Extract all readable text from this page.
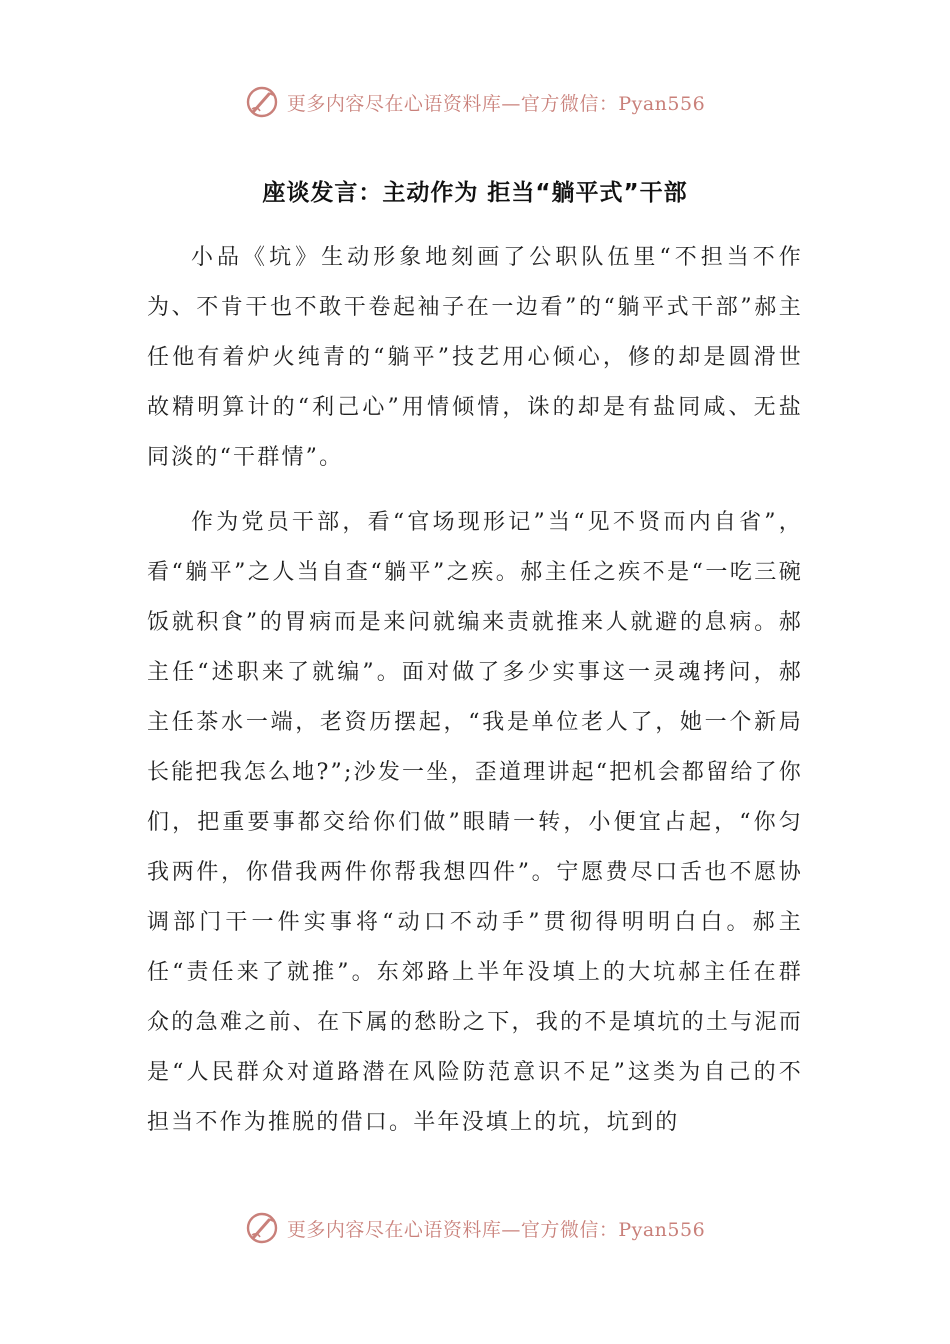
更多内容尽在心语资料库—官方微信：Pyan556
座谈发言：主动作为 拒当“躺平式”干部

小品《坑》生动形象地刻画了公职队伍里“不担当不作为、不肯干也不敢干卷起袖子在一边看”的“躺平式干部”郝主任他有着炉火纯青的“躺平”技艺用心倾心，修的却是圆滑世故精明算计的“利己心”用情倾情，诛的却是有盐同咸、无盐同淡的“干群情”。

作为党员干部，看“官场现形记”当“见不贤而内自省”，看“躺平”之人当自查“躺平”之疾。郝主任之疾不是“一吃三碗饭就积食”的胃病而是来问就编来责就推来人就避的息病。郝主任“述职来了就编”。面对做了多少实事这一灵魂拷问，郝主任茶水一端，老资历摆起，“我是单位老人了，她一个新局长能把我怎么地?”;沙发一坐，歪道理讲起“把机会都留给了你们，把重要事都交给你们做”眼睛一转，小便宜占起，“你匀我两件，你借我两件你帮我想四件”。宁愿费尽口舌也不愿协调部门干一件实事将“动口不动手”贯彻得明明白白。郝主任“责任来了就推”。东郊路上半年没填上的大坑郝主任在群众的急难之前、在下属的愁盼之下，我的不是填坑的土与泥而是“人民群众对道路潜在风险防范意识不足”这类为自己的不担当不作为推脱的借口。半年没填上的坑，坑到的

更多内容尽在心语资料库—官方微信：Pyan556
